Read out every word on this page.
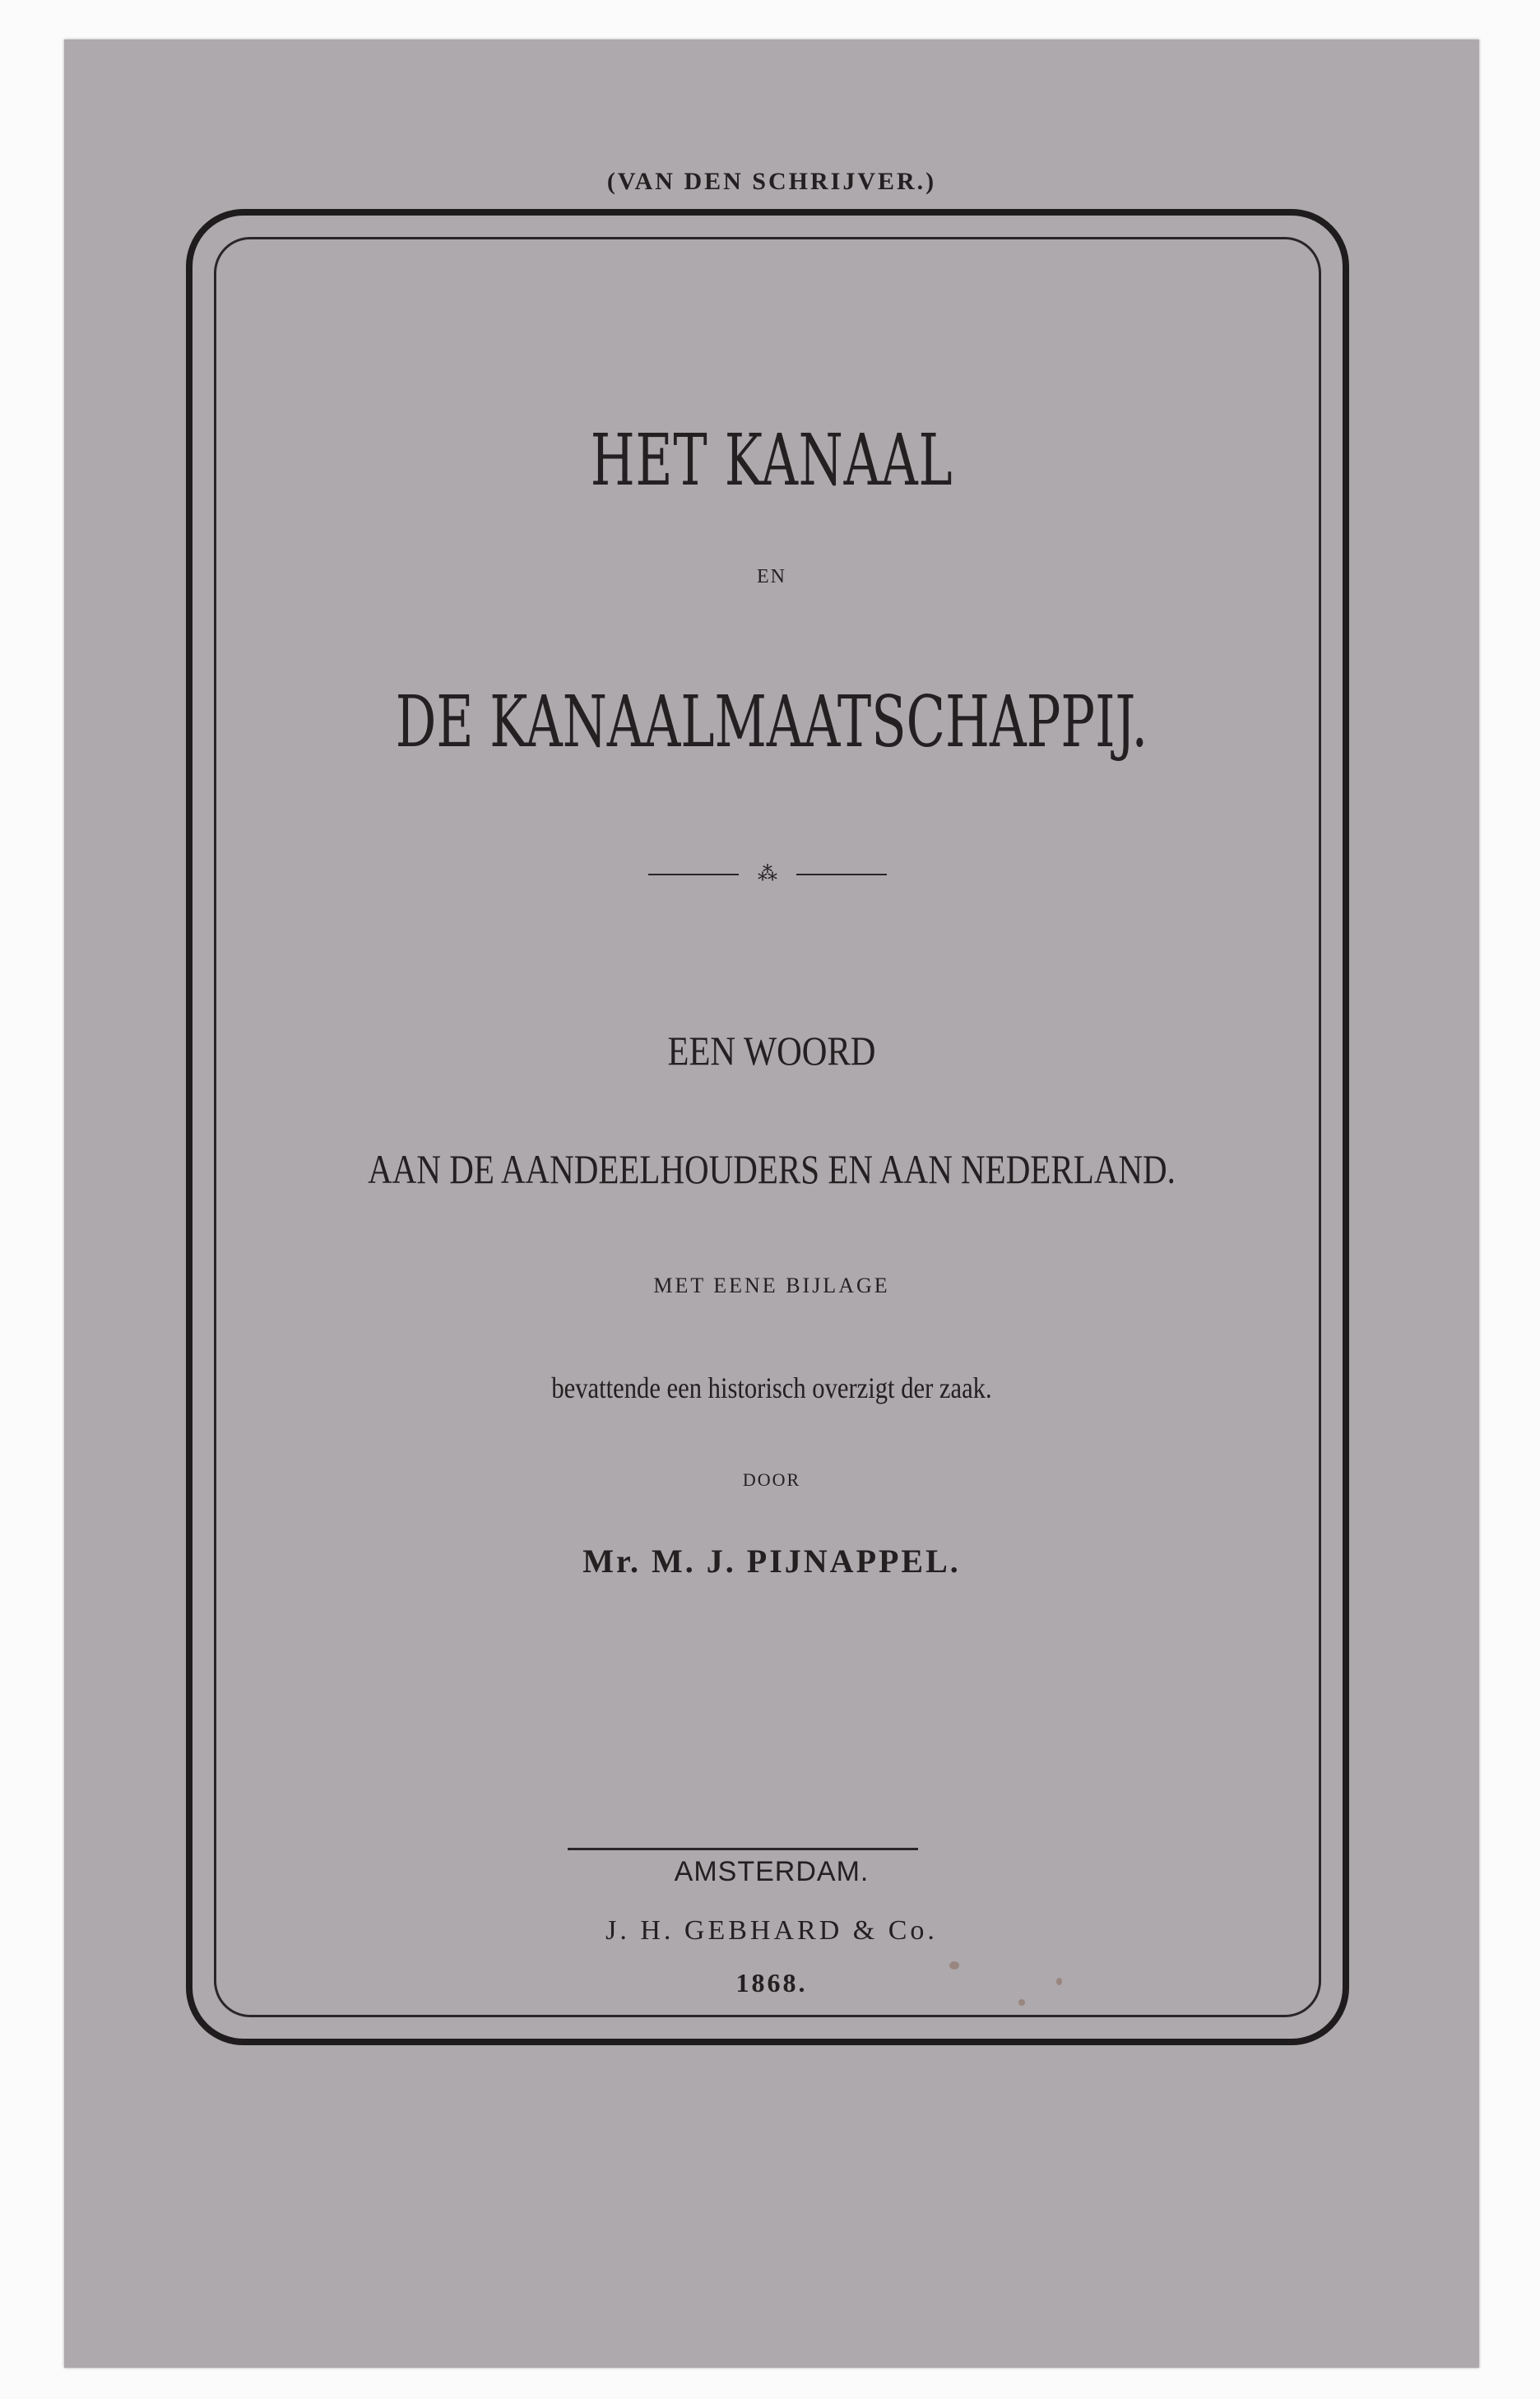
(VAN DEN SCHRIJVER.)
HET KANAAL
EN
DE KANAALMAATSCHAPPIJ.
⁂
EEN WOORD
AAN DE AANDEELHOUDERS EN AAN NEDERLAND.
MET EENE BIJLAGE
bevattende een historisch overzigt der zaak.
DOOR
Mr. M. J. PIJNAPPEL.
AMSTERDAM.
J. H. GEBHARD & Co.
1868.
